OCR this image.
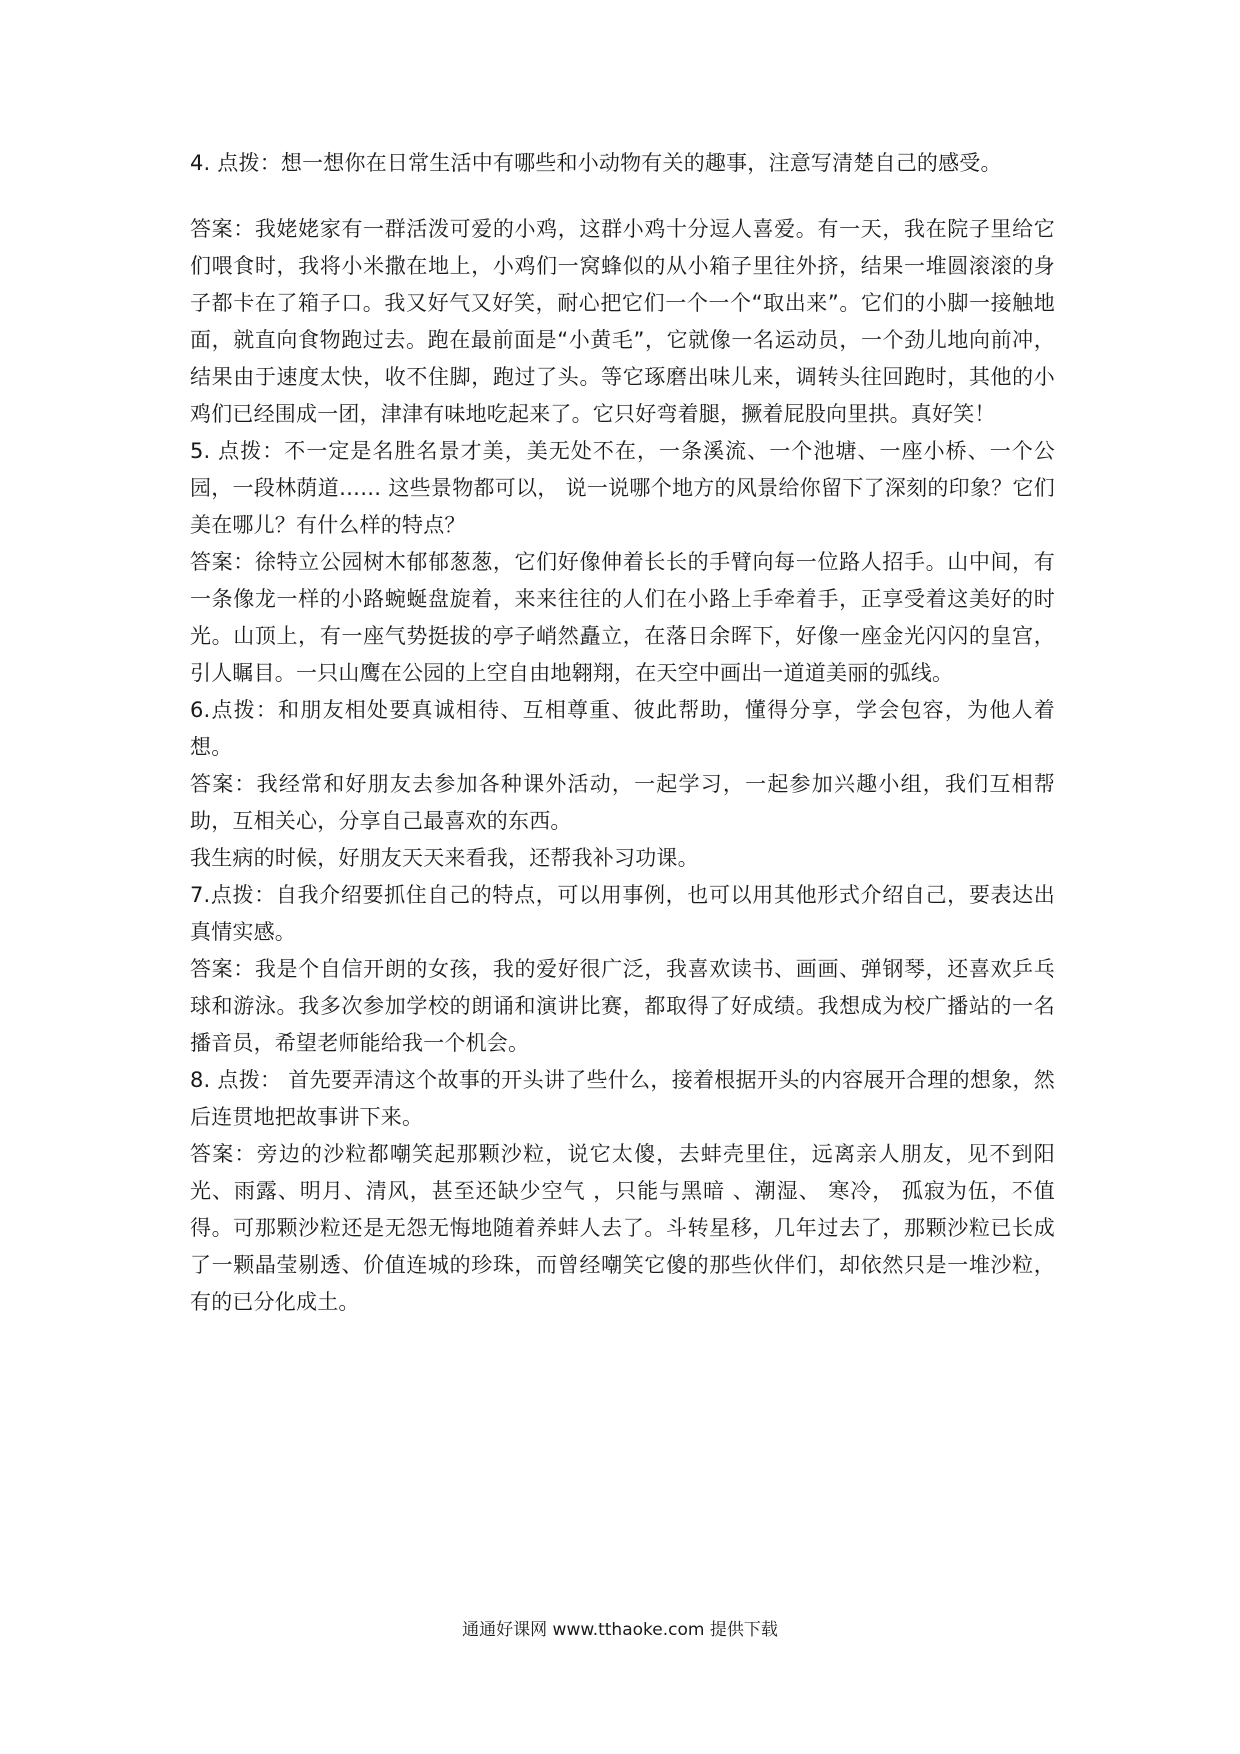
4. 点拨：想一想你在日常生活中有哪些和小动物有关的趣事，注意写清楚自己的感受。

答案：我姥姥家有一群活泼可爱的小鸡，这群小鸡十分逗人喜爱。有一天，我在院子里给它们喂食时，我将小米撒在地上，小鸡们一窝蜂似的从小箱子里往外挤，结果一堆圆滚滚的身子都卡在了箱子口。我又好气又好笑，耐心把它们一个一个“取出来”。它们的小脚一接触地面，就直向食物跑过去。跑在最前面是“小黄毛”，它就像一名运动员，一个劲儿地向前冲，结果由于速度太快，收不住脚，跑过了头。等它琢磨出味儿来，调转头往回跑时，其他的小鸡们已经围成一团，津津有味地吃起来了。它只好弯着腿，撅着屁股向里拱。真好笑！

5. 点拨：不一定是名胜名景才美，美无处不在，一条溪流、一个池塘、一座小桥、一个公园，一段林荫道…… 这些景物都可以， 说一说哪个地方的风景给你留下了深刻的印象？它们美在哪儿？有什么样的特点？

答案：徐特立公园树木郁郁葱葱，它们好像伸着长长的手臂向每一位路人招手。山中间，有一条像龙一样的小路蜿蜒盘旋着，来来往往的人们在小路上手牵着手，正享受着这美好的时光。山顶上，有一座气势挺拔的亭子峭然矗立，在落日余晖下，好像一座金光闪闪的皇宫，引人瞩目。一只山鹰在公园的上空自由地翱翔，在天空中画出一道道美丽的弧线。

6.点拨：和朋友相处要真诚相待、互相尊重、彼此帮助，懂得分享，学会包容，为他人着想。

答案：我经常和好朋友去参加各种课外活动，一起学习，一起参加兴趣小组，我们互相帮助，互相关心，分享自己最喜欢的东西。

我生病的时候，好朋友天天来看我，还帮我补习功课。

7.点拨：自我介绍要抓住自己的特点，可以用事例，也可以用其他形式介绍自己，要表达出真情实感。

答案：我是个自信开朗的女孩，我的爱好很广泛，我喜欢读书、画画、弹钢琴，还喜欢乒乓球和游泳。我多次参加学校的朗诵和演讲比赛，都取得了好成绩。我想成为校广播站的一名播音员，希望老师能给我一个机会。

8. 点拨： 首先要弄清这个故事的开头讲了些什么，接着根据开头的内容展开合理的想象，然后连贯地把故事讲下来。

答案：旁边的沙粒都嘲笑起那颗沙粒，说它太傻，去蚌壳里住，远离亲人朋友，见不到阳光、雨露、明月、清风，甚至还缺少空气 ，只能与黑暗 、潮湿、 寒冷， 孤寂为伍，不值得。可那颗沙粒还是无怨无悔地随着养蚌人去了。斗转星移，几年过去了，那颗沙粒已长成了一颗晶莹剔透、价值连城的珍珠，而曾经嘲笑它傻的那些伙伴们，却依然只是一堆沙粒，有的已分化成土。

通通好课网 www.tthaoke.com 提供下载
